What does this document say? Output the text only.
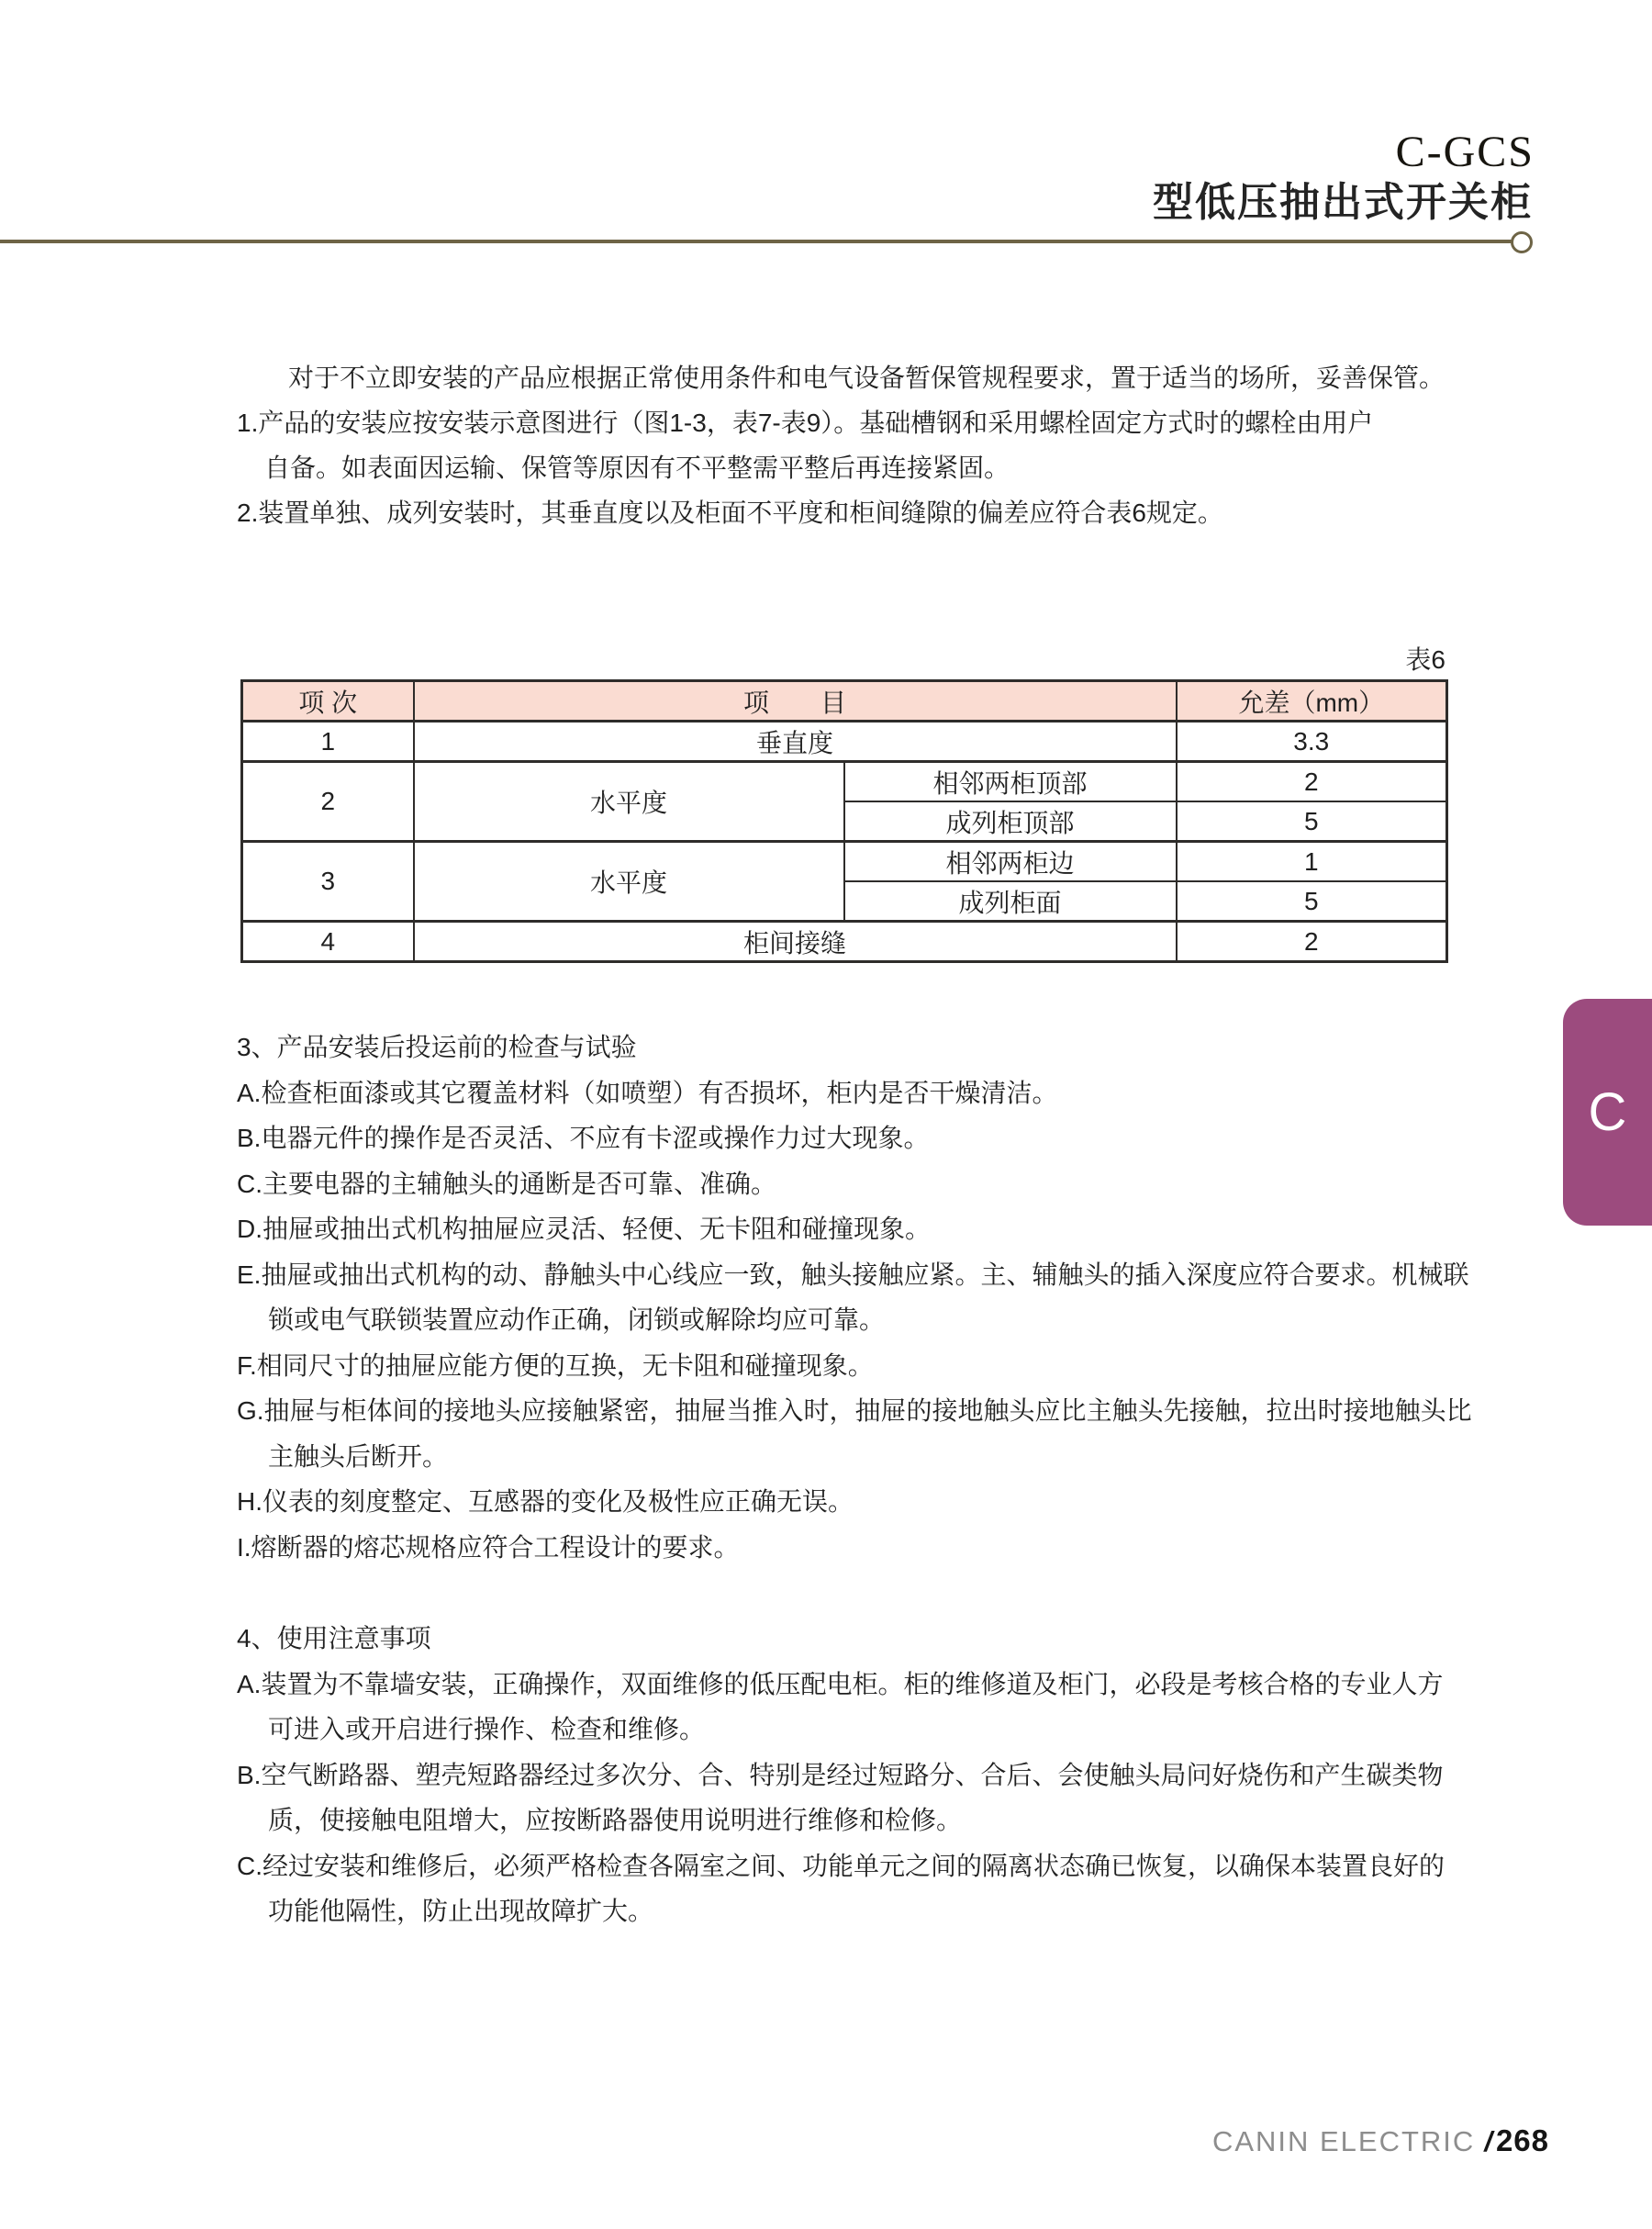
C-GCS
型低压抽出式开关柜
对于不立即安装的产品应根据正常使用条件和电气设备暂保管规程要求，置于适当的场所，妥善保管。
1.产品的安装应按安装示意图进行（图1-3，表7-表9）。基础槽钢和采用螺栓固定方式时的螺栓由用户
自备。如表面因运输、保管等原因有不平整需平整后再连接紧固。
2.装置单独、成列安装时，其垂直度以及柜面不平度和柜间缝隙的偏差应符合表6规定。
表6
项 次	项　　目		允差（mm）
1	垂直度		3.3
2	水平度	相邻两柜顶部	2
		成列柜顶部	5
3	水平度	相邻两柜边	1
		成列柜面	5
4	柜间接缝		2
3、产品安装后投运前的检查与试验
A.检查柜面漆或其它覆盖材料（如喷塑）有否损坏，柜内是否干燥清洁。
B.电器元件的操作是否灵活、不应有卡涩或操作力过大现象。
C.主要电器的主辅触头的通断是否可靠、准确。
D.抽屉或抽出式机构抽屉应灵活、轻便、无卡阻和碰撞现象。
E.抽屉或抽出式机构的动、静触头中心线应一致，触头接触应紧。主、辅触头的插入深度应符合要求。机械联
锁或电气联锁装置应动作正确，闭锁或解除均应可靠。
F.相同尺寸的抽屉应能方便的互换，无卡阻和碰撞现象。
G.抽屉与柜体间的接地头应接触紧密，抽屉当推入时，抽屉的接地触头应比主触头先接触，拉出时接地触头比
主触头后断开。
H.仪表的刻度整定、互感器的变化及极性应正确无误。
I.熔断器的熔芯规格应符合工程设计的要求。
4、使用注意事项
A.装置为不靠墙安装，正确操作，双面维修的低压配电柜。柜的维修道及柜门，必段是考核合格的专业人方
可进入或开启进行操作、检查和维修。
B.空气断路器、塑壳短路器经过多次分、合、特别是经过短路分、合后、会使触头局问好烧伤和产生碳类物
质，使接触电阻增大，应按断路器使用说明进行维修和检修。
C.经过安装和维修后，必须严格检查各隔室之间、功能单元之间的隔离状态确已恢复，以确保本装置良好的
功能他隔性，防止出现故障扩大。
C
CANIN ELECTRIC / 268
